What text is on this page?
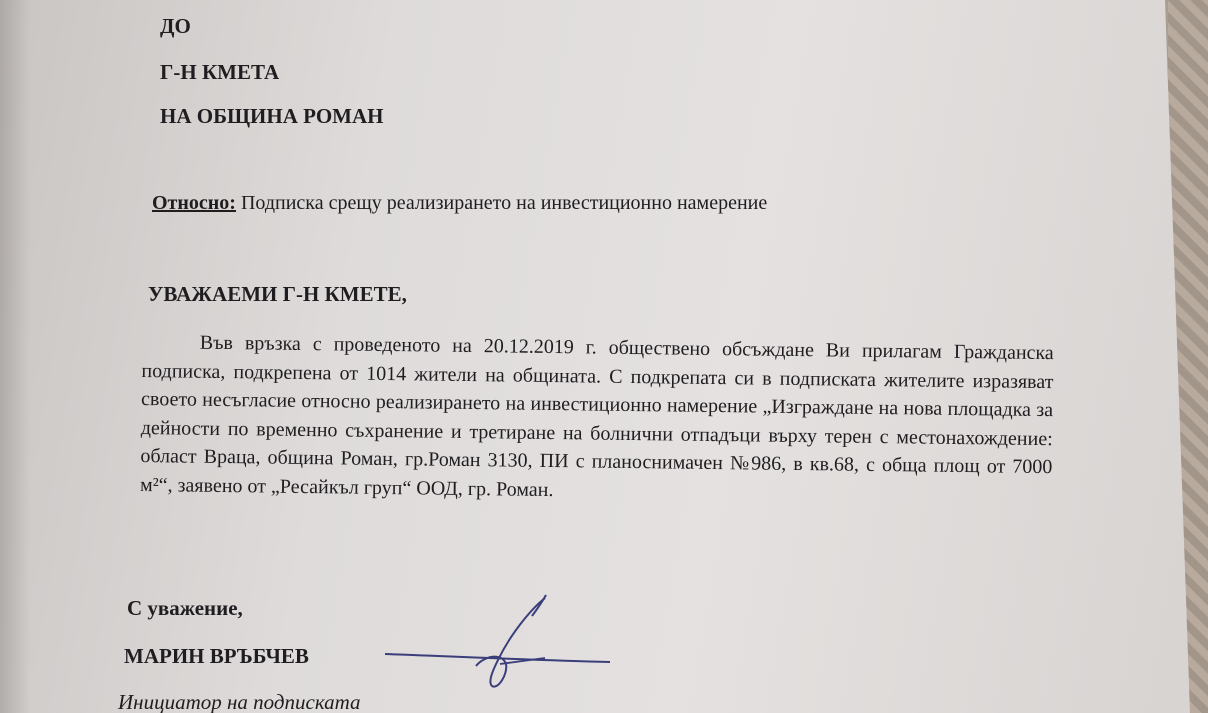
ДО
Г-Н КМЕТА
НА ОБЩИНА РОМАН
Относно: Подписка срещу реализирането на инвестиционно намерение
УВАЖАЕМИ Г-Н КМЕТЕ,
Във връзка с проведеното на 20.12.2019 г. обществено обсъждане Ви прилагам Гражданска подписка, подкрепена от 1014 жители на общината. С подкрепата си в подписката жителите изразяват своето несъгласие относно реализирането на инвестиционно намерение „Изграждане на нова площадка за дейности по временно съхранение и третиране на болнични отпадъци върху терен с местонахождение: област Враца, община Роман, гр.Роман 3130, ПИ с планоснимачен №986, в кв.68, с обща площ от 7000 м²“, заявено от „Ресайкъл груп“ ООД, гр. Роман.
С уважение,
МАРИН ВРЪБЧЕВ
Инициатор на подписката
